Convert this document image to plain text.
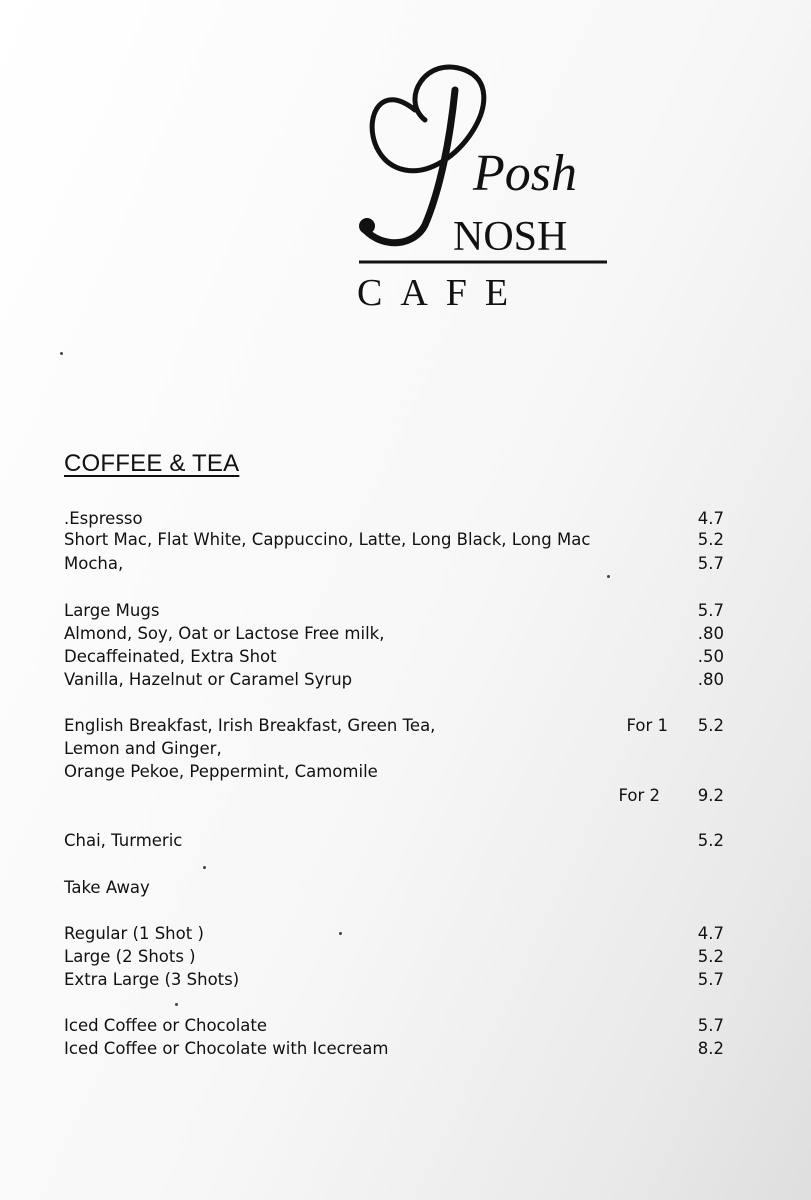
Posh
NOSH
CAFE
COFFEE & TEA
.Espresso	4.7
Short Mac, Flat White, Cappuccino, Latte, Long Black, Long Mac	5.2
Mocha,	5.7
Large Mugs	5.7
Almond, Soy, Oat or Lactose Free milk,	.80
Decaffeinated, Extra Shot	.50
Vanilla, Hazelnut or Caramel Syrup	.80
English Breakfast, Irish Breakfast, Green Tea,	For 1 5.2
Lemon and Ginger,
Orange Pekoe, Peppermint, Camomile
For 2 9.2
Chai, Turmeric	5.2
Take Away
Regular (1 Shot )	4.7
Large (2 Shots )	5.2
Extra Large (3 Shots)	5.7
Iced Coffee or Chocolate	5.7
Iced Coffee or Chocolate with Icecream	8.2
